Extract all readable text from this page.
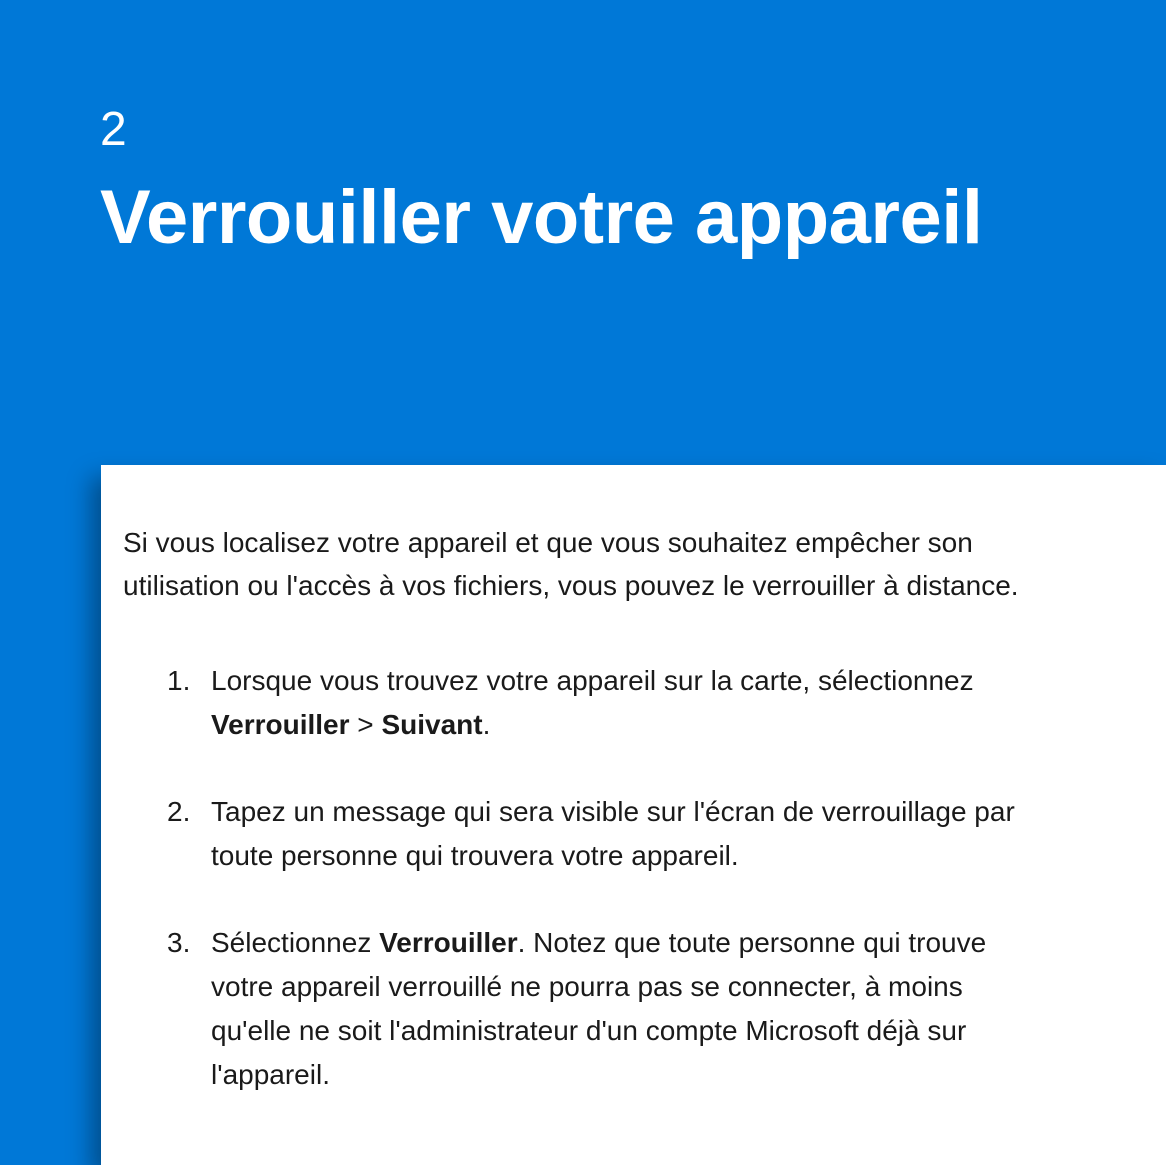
2
Verrouiller votre appareil

Si vous localisez votre appareil et que vous souhaitez empêcher son
utilisation ou l'accès à vos fichiers, vous pouvez le verrouiller à distance.

1. Lorsque vous trouvez votre appareil sur la carte, sélectionnez
Verrouiller > Suivant.
2. Tapez un message qui sera visible sur l'écran de verrouillage par
toute personne qui trouvera votre appareil.
3. Sélectionnez Verrouiller. Notez que toute personne qui trouve
votre appareil verrouillé ne pourra pas se connecter, à moins
qu'elle ne soit l'administrateur d'un compte Microsoft déjà sur
l'appareil.
